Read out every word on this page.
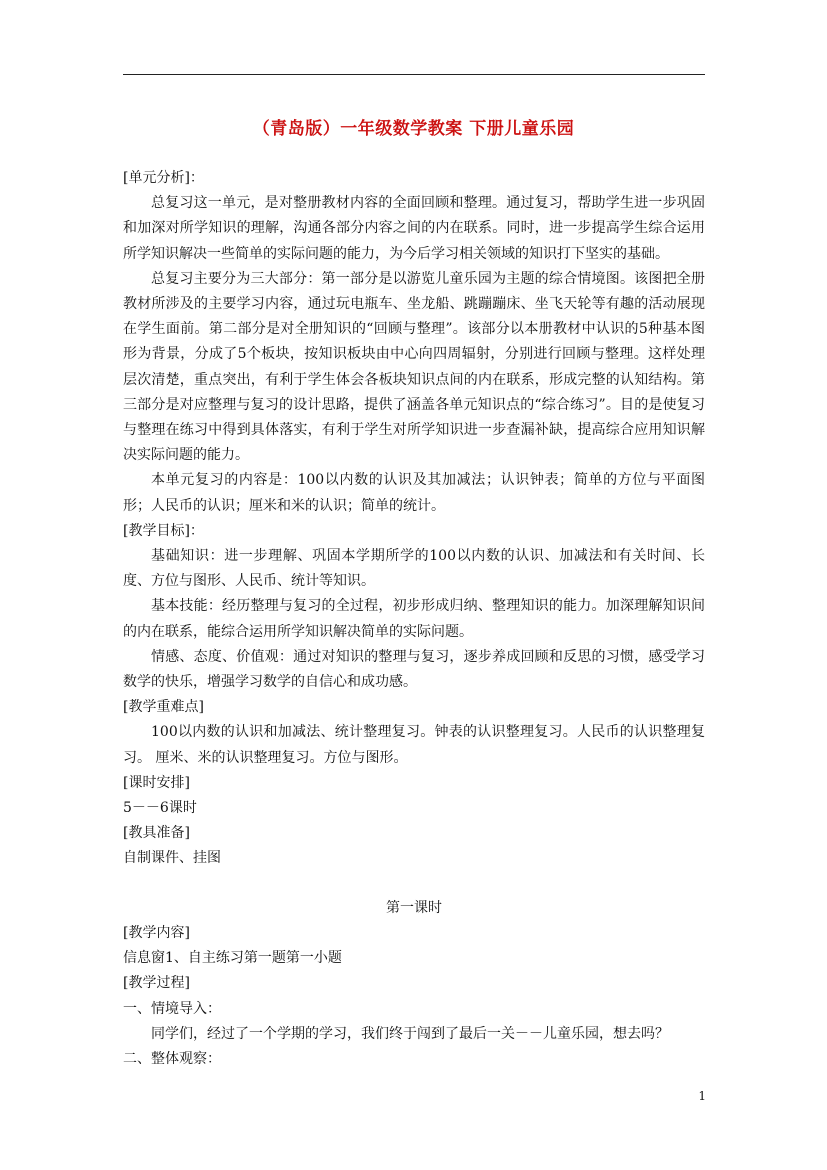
（青岛版）一年级数学教案 下册儿童乐园
[单元分析]：
总复习这一单元，是对整册教材内容的全面回顾和整理。通过复习，帮助学生进一步巩固和加深对所学知识的理解，沟通各部分内容之间的内在联系。同时，进一步提高学生综合运用所学知识解决一些简单的实际问题的能力，为今后学习相关领域的知识打下坚实的基础。
总复习主要分为三大部分：第一部分是以游览儿童乐园为主题的综合情境图。该图把全册教材所涉及的主要学习内容，通过玩电瓶车、坐龙船、跳蹦蹦床、坐飞天轮等有趣的活动展现在学生面前。第二部分是对全册知识的“回顾与整理”。该部分以本册教材中认识的5种基本图形为背景，分成了5个板块，按知识板块由中心向四周辐射，分别进行回顾与整理。这样处理层次清楚，重点突出，有利于学生体会各板块知识点间的内在联系，形成完整的认知结构。第三部分是对应整理与复习的设计思路，提供了涵盖各单元知识点的“综合练习”。目的是使复习与整理在练习中得到具体落实，有利于学生对所学知识进一步查漏补缺，提高综合应用知识解决实际问题的能力。
本单元复习的内容是：100以内数的认识及其加减法；认识钟表；简单的方位与平面图形；人民币的认识；厘米和米的认识；简单的统计。
[教学目标]：
基础知识：进一步理解、巩固本学期所学的100以内数的认识、加减法和有关时间、长度、方位与图形、人民币、统计等知识。
基本技能：经历整理与复习的全过程，初步形成归纳、整理知识的能力。加深理解知识间的内在联系，能综合运用所学知识解决简单的实际问题。
情感、态度、价值观：通过对知识的整理与复习，逐步养成回顾和反思的习惯，感受学习数学的快乐，增强学习数学的自信心和成功感。
[教学重难点]
100以内数的认识和加减法、统计整理复习。钟表的认识整理复习。人民币的认识整理复习。 厘米、米的认识整理复习。方位与图形。
[课时安排]
5－－6课时
[教具准备]
自制课件、挂图
第一课时
[教学内容]
信息窗1、自主练习第一题第一小题
[教学过程]
一、情境导入：
同学们，经过了一个学期的学习，我们终于闯到了最后一关－－儿童乐园，想去吗？
二、整体观察：
1
